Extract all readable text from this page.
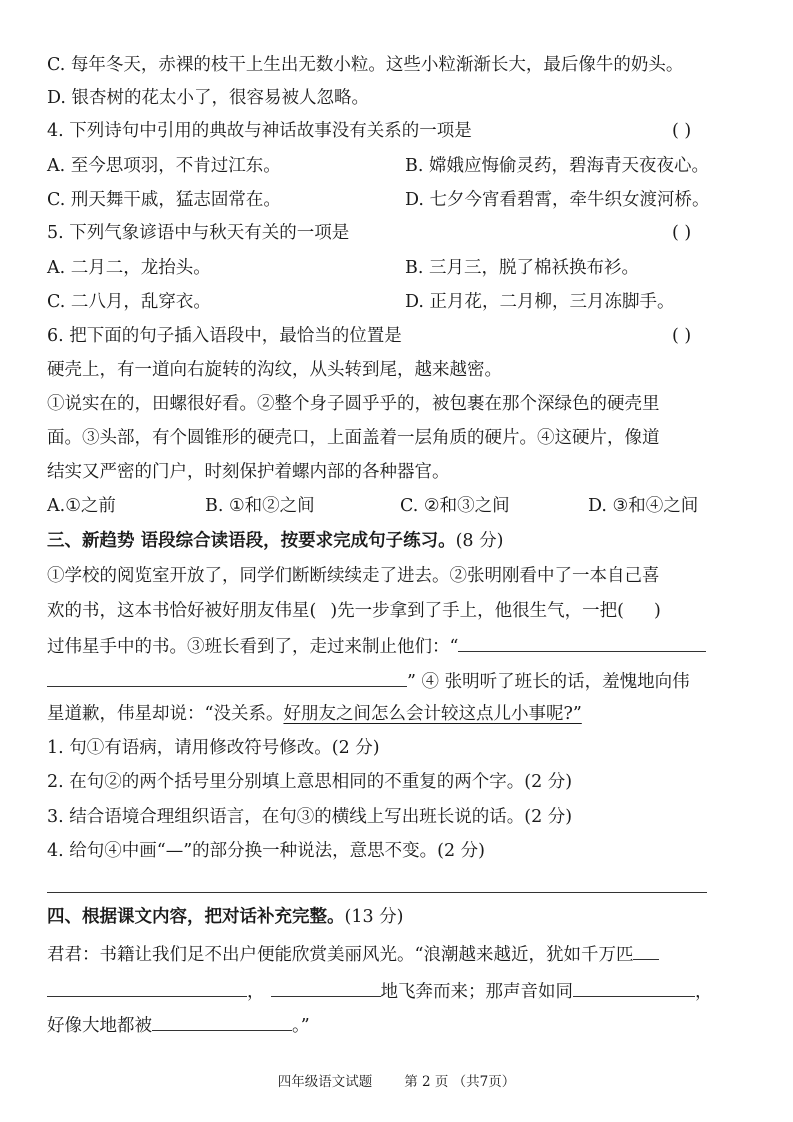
C. 每年冬天，赤裸的枝干上生出无数小粒。这些小粒渐渐长大，最后像牛的奶头。
D. 银杏树的花太小了，很容易被人忽略。
4. 下列诗句中引用的典故与神话故事没有关系的一项是	( )
A. 至今思项羽，不肯过江东。	B. 嫦娥应悔偷灵药，碧海青天夜夜心。
C. 刑天舞干戚，猛志固常在。	D. 七夕今宵看碧霄，牵牛织女渡河桥。
5. 下列气象谚语中与秋天有关的一项是	( )
A. 二月二，龙抬头。	B. 三月三，脱了棉袄换布衫。
C. 二八月，乱穿衣。	D. 正月花，二月柳，三月冻脚手。
6. 把下面的句子插入语段中，最恰当的位置是	( )
硬壳上，有一道向右旋转的沟纹，从头转到尾，越来越密。
①说实在的，田螺很好看。②整个身子圆乎乎的，被包裹在那个深绿色的硬壳里
面。③头部，有个圆锥形的硬壳口，上面盖着一层角质的硬片。④这硬片，像道
结实又严密的门户，时刻保护着螺内部的各种器官。
A.①之前	B. ①和②之间	C. ②和③之间	D. ③和④之间
三、新趋势 语段综合读语段，按要求完成句子练习。(8 分)
①学校的阅览室开放了，同学们断断续续走了进去。②张明刚看中了一本自己喜
欢的书，这本书恰好被好朋友伟星( )先一步拿到了手上，他很生气，一把( )
过伟星手中的书。③班长看到了，走过来制止他们：“
” ④ 张明听了班长的话，羞愧地向伟
星道歉，伟星却说：“没关系。好朋友之间怎么会计较这点儿小事呢?”
1. 句①有语病，请用修改符号修改。(2 分)
2. 在句②的两个括号里分别填上意思相同的不重复的两个字。(2 分)
3. 结合语境合理组织语言，在句③的横线上写出班长说的话。(2 分)
4. 给句④中画“—”的部分换一种说法，意思不变。(2 分)
四、根据课文内容，把对话补充完整。(13 分)
君君：书籍让我们足不出户便能欣赏美丽风光。“浪潮越来越近，犹如千万匹
，	地飞奔而来；那声音如同	，
好像大地都被	。”
四年级语文试题 第 2 页 （共7页）
